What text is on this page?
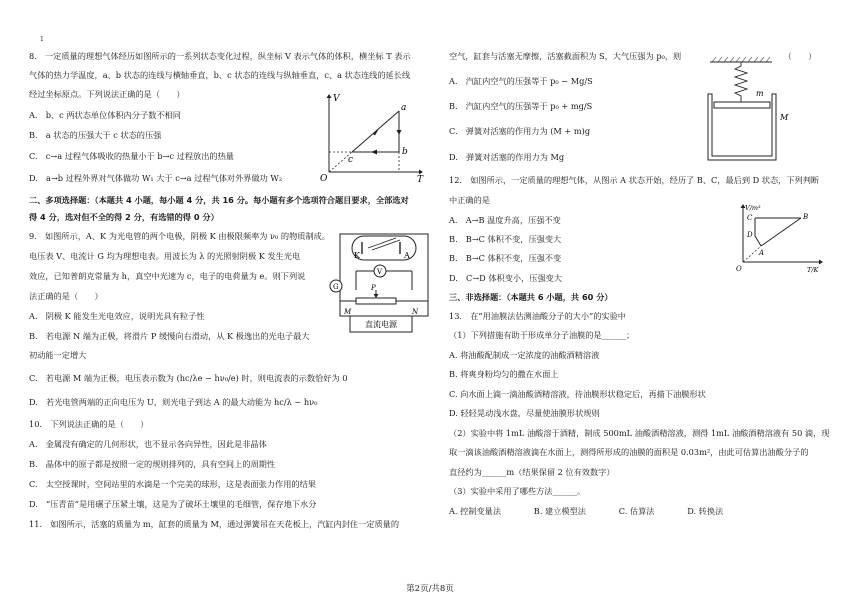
1
8.　一定质量的理想气体经历如图所示的一系列状态变化过程，纵坐标 V 表示气体的体积，横坐标 T 表示
气体的热力学温度，a、b 状态的连线与横轴垂直，b、c 状态的连线与纵轴垂直，c、a 状态连线的延长线
经过坐标原点。下列说法正确的是（　　）
A.　b、c 两状态单位体积内分子数不相同
B.　a 状态的压强大于 c 状态的压强
C.　c→a 过程气体吸收的热量小于 b→c 过程放出的热量
D.　a→b 过程外界对气体做功 W₁ 大于 c→a 过程气体对外界做功 W₂
二、多项选择题：（本题共 4 小题，每小题 4 分，共 16 分。每小题有多个选项符合题目要求，全部选对
得 4 分，选对但不全的得 2 分，有选错的得 0 分）
9.　如图所示，A、K 为光电管的两个电极，阴极 K 由极限频率为 ν₀ 的物质制成。
电压表 V、电流计 G 均为理想电表。用波长为 λ 的光照射阴极 K 发生光电
效应，已知普朗克常量为 h，真空中光速为 c，电子的电荷量为 e。则下列说
法正确的是（　　）
A.　阴极 K 能发生光电效应，说明光具有粒子性
B.　若电源 N 端为正极，将滑片 P 缓慢向右滑动，从 K 极逸出的光电子最大
初动能一定增大
C.　若电源 M 端为正极，电压表示数为 (hc/λe − hν₀/e) 时，则电流表的示数恰好为 0
D.　若光电管两端的正向电压为 U，则光电子到达 A 的最大动能为 hc/λ − hν₀
10.　下列说法正确的是（　　）
A.　金属没有确定的几何形状，也不显示各向异性，因此是非晶体
B.　晶体中的原子都是按照一定的规则排列的，具有空间上的周期性
C.　太空授课时，空间站里的水滴是一个完美的球形，这是表面张力作用的结果
D.　“压青苗”是用碾子压紧土壤，这是为了破坏土壤里的毛细管，保存地下水分
11.　如图所示，活塞的质量为 m，缸套的质量为 M，通过弹簧吊在天花板上，汽缸内封住一定质量的
空气，缸套与活塞无摩擦，活塞截面积为 S，大气压强为 p₀，则　　　　　　　　　　　　　（　　）
A.　汽缸内空气的压强等于 p₀ − Mg/S
B.　汽缸内空气的压强等于 p₀ + mg/S
C.　弹簧对活塞的作用力为 (M + m)g
D.　弹簧对活塞的作用力为 Mg
12.　如图所示，一定质量的理想气体，从图示 A 状态开始，经历了 B、C，最后到 D 状态，下列判断
中正确的是
A.　A→B 温度升高，压强不变
B.　B→C 体积不变，压强变大
B.　B→C 体积不变，压强不变
D.　C→D 体积变小，压强变大
三、非选择题：（本题共 6 小题，共 60 分）
13.　在“用油膜法估测油酸分子的大小”的实验中
（1）下列措施有助于形成单分子油膜的是______；
A. 将油酸配制成一定浓度的油酸酒精溶液
B. 将爽身粉均匀的撒在水面上
C. 向水面上滴一滴油酸酒精溶液，待油膜形状稳定后，再描下油膜形状
D. 轻轻晃动浅水盘，尽量使油膜形状规则
（2）实验中将 1mL 油酸溶于酒精，制成 500mL 油酸酒精溶液，测得 1mL 油酸酒精溶液有 50 滴，现
取一滴该油酸酒精溶液滴在水面上，测得所形成的油膜的面积是 0.03m²，由此可估算出油酸分子的
直径约为______m（结果保留 2 位有效数字）
（3）实验中采用了哪些方法______。
A. 控制变量法　　　　B. 建立模型法　　　　C. 估算法　　　　D. 转换法
V
T
O
a
b
c
K	A
V
G	P
直流电源
M	N
m
M
V/m³
T/K
O
A
B
C
D
第2页/共8页
